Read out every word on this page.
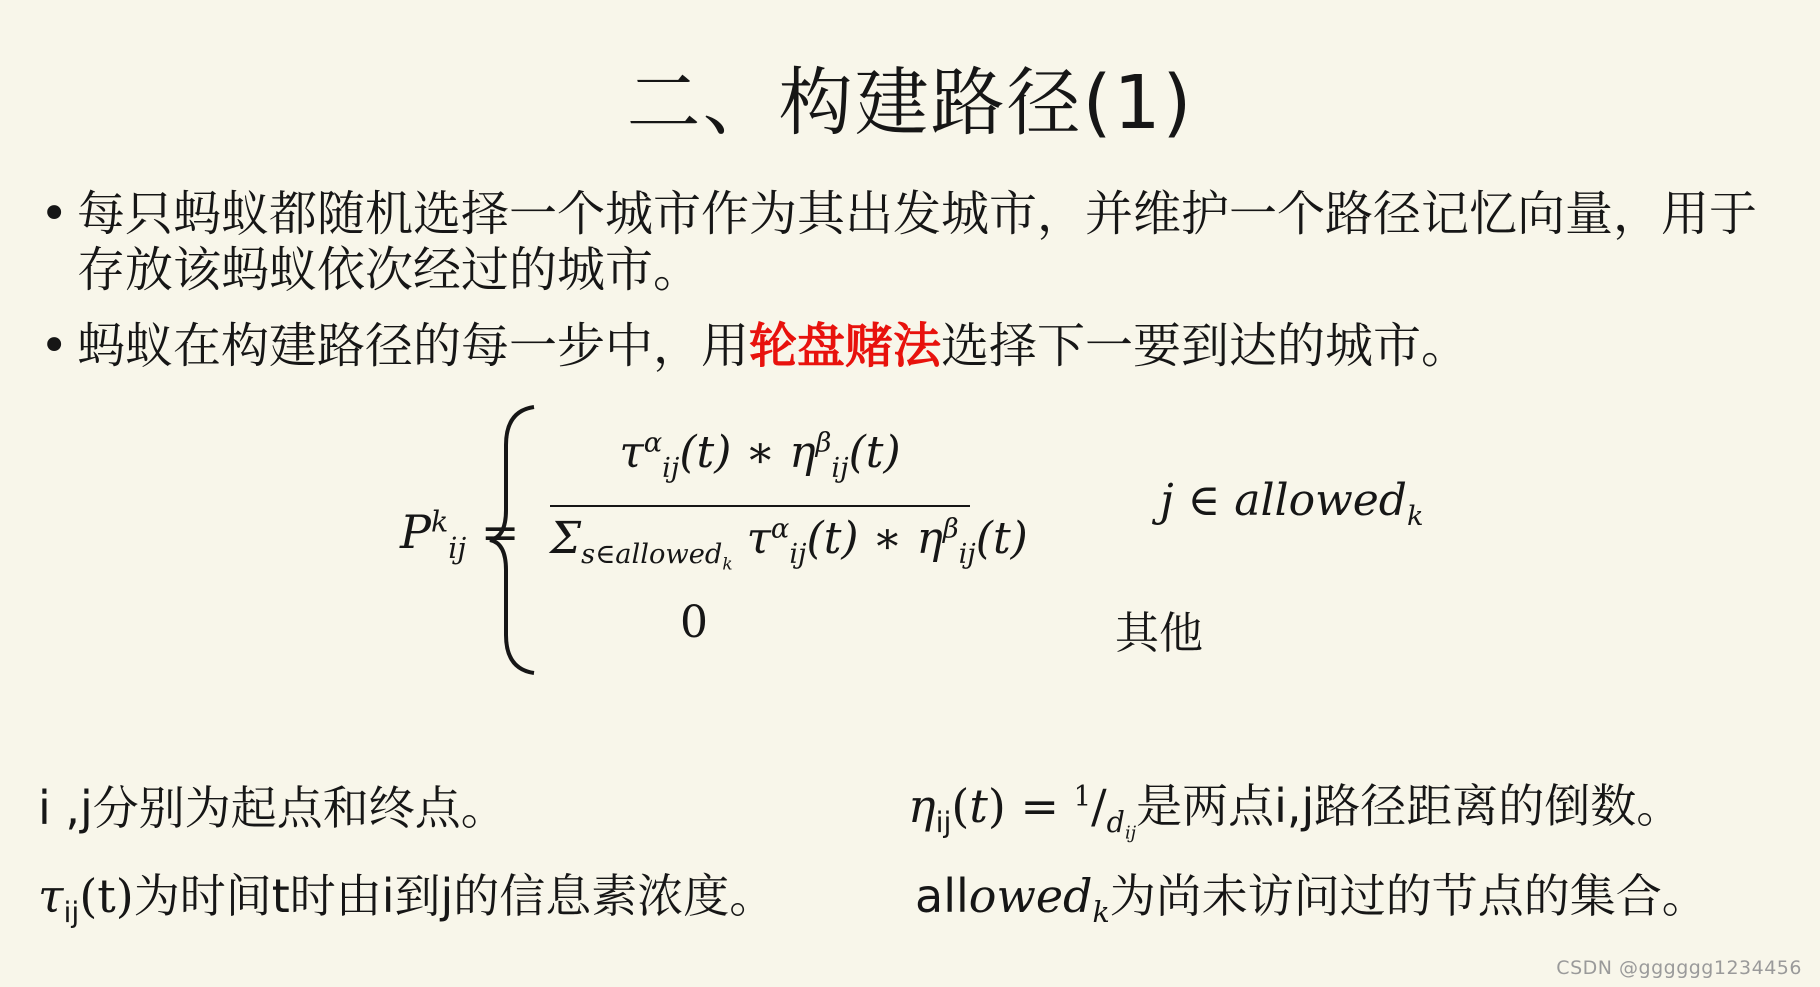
二、构建路径(1)
• 每只蚂蚁都随机选择一个城市作为其出发城市，并维护一个路径记忆向量，用于存放该蚂蚁依次经过的城市。
• 蚂蚁在构建路径的每一步中，用轮盘赌法选择下一要到达的城市。
$P^k_{ij}$ =
$\tau^\alpha_{ij}(t)$ ∗ $\eta^\beta_{ij}(t)$
$\Sigma_{s\in allowed_k}$ $\tau^\alpha_{ij}(t)$ ∗ $\eta^\beta_{ij}(t)$
j ∈ allowed$_k$
0	其他
i ,j分别为起点和终点。	$\eta_{ij}(t) = ^1/_{d_{ij}}$是两点i,j路径距离的倒数。
$\tau_{ij}(t)$为时间t时由i到j的信息素浓度。	allowed$_k$为尚未访问过的节点的集合。
CSDN @gggggg1234456
